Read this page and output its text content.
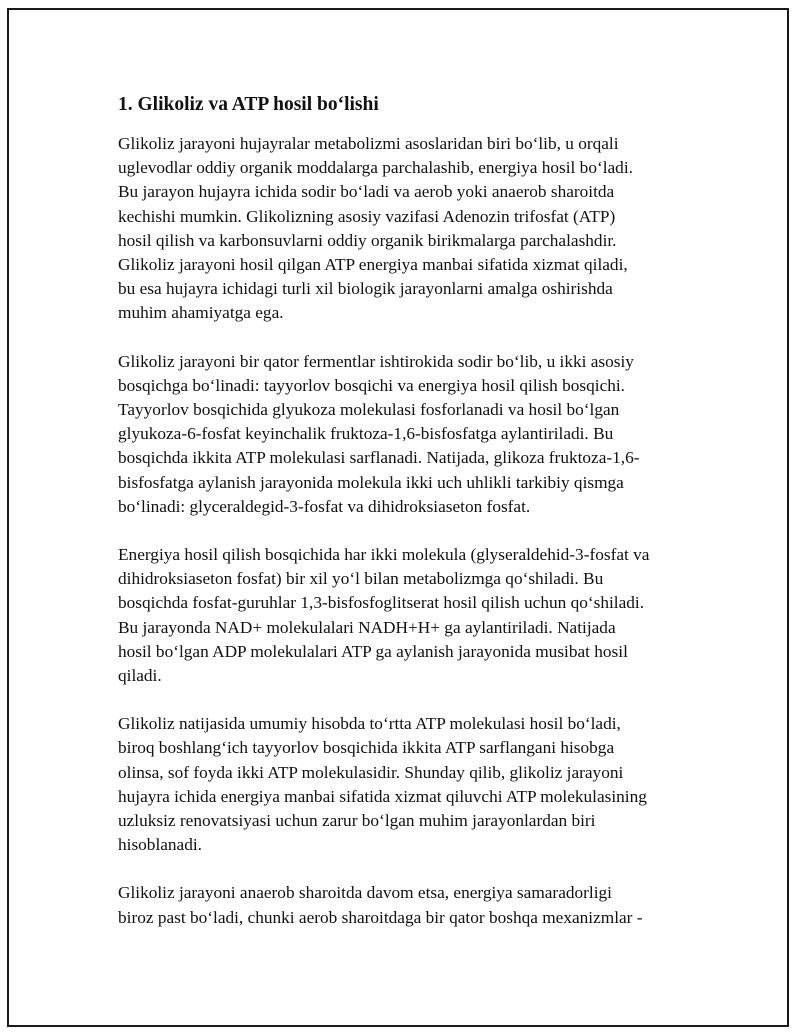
1. Glikoliz va ATP hosil boʻlishi
Glikoliz jarayoni hujayralar metabolizmi asoslaridan biri bo‘lib, u orqali
uglevodlar oddiy organik moddalarga parchalashib, energiya hosil bo‘ladi.
Bu jarayon hujayra ichida sodir bo‘ladi va aerob yoki anaerob sharoitda
kechishi mumkin. Glikolizning asosiy vazifasi Adenozin trifosfat (ATP)
hosil qilish va karbonsuvlarni oddiy organik birikmalarga parchalashdir.
Glikoliz jarayoni hosil qilgan ATP energiya manbai sifatida xizmat qiladi,
bu esa hujayra ichidagi turli xil biologik jarayonlarni amalga oshirishda
muhim ahamiyatga ega.
Glikoliz jarayoni bir qator fermentlar ishtirokida sodir bo‘lib, u ikki asosiy
bosqichga bo‘linadi: tayyorlov bosqichi va energiya hosil qilish bosqichi.
Tayyorlov bosqichida glyukoza molekulasi fosforlanadi va hosil bo‘lgan
glyukoza-6-fosfat keyinchalik fruktoza-1,6-bisfosfatga aylantiriladi. Bu
bosqichda ikkita ATP molekulasi sarflanadi. Natijada, glikoza fruktoza-1,6-
bisfosfatga aylanish jarayonida molekula ikki uch uhlikli tarkibiy qismga
bo‘linadi: glyceraldegid-3-fosfat va dihidroksiaseton fosfat.
Energiya hosil qilish bosqichida har ikki molekula (glyseraldehid-3-fosfat va
dihidroksiaseton fosfat) bir xil yo‘l bilan metabolizmga qo‘shiladi. Bu
bosqichda fosfat-guruhlar 1,3-bisfosfoglitserat hosil qilish uchun qo‘shiladi.
Bu jarayonda NAD+ molekulalari NADH+H+ ga aylantiriladi. Natijada
hosil bo‘lgan ADP molekulalari ATP ga aylanish jarayonida musibat hosil
qiladi.
Glikoliz natijasida umumiy hisobda to‘rtta ATP molekulasi hosil bo‘ladi,
biroq boshlang‘ich tayyorlov bosqichida ikkita ATP sarflangani hisobga
olinsa, sof foyda ikki ATP molekulasidir. Shunday qilib, glikoliz jarayoni
hujayra ichida energiya manbai sifatida xizmat qiluvchi ATP molekulasining
uzluksiz renovatsiyasi uchun zarur bo‘lgan muhim jarayonlardan biri
hisoblanadi.
Glikoliz jarayoni anaerob sharoitda davom etsa, energiya samaradorligi
biroz past bo‘ladi, chunki aerob sharoitdaga bir qator boshqa mexanizmlar -
